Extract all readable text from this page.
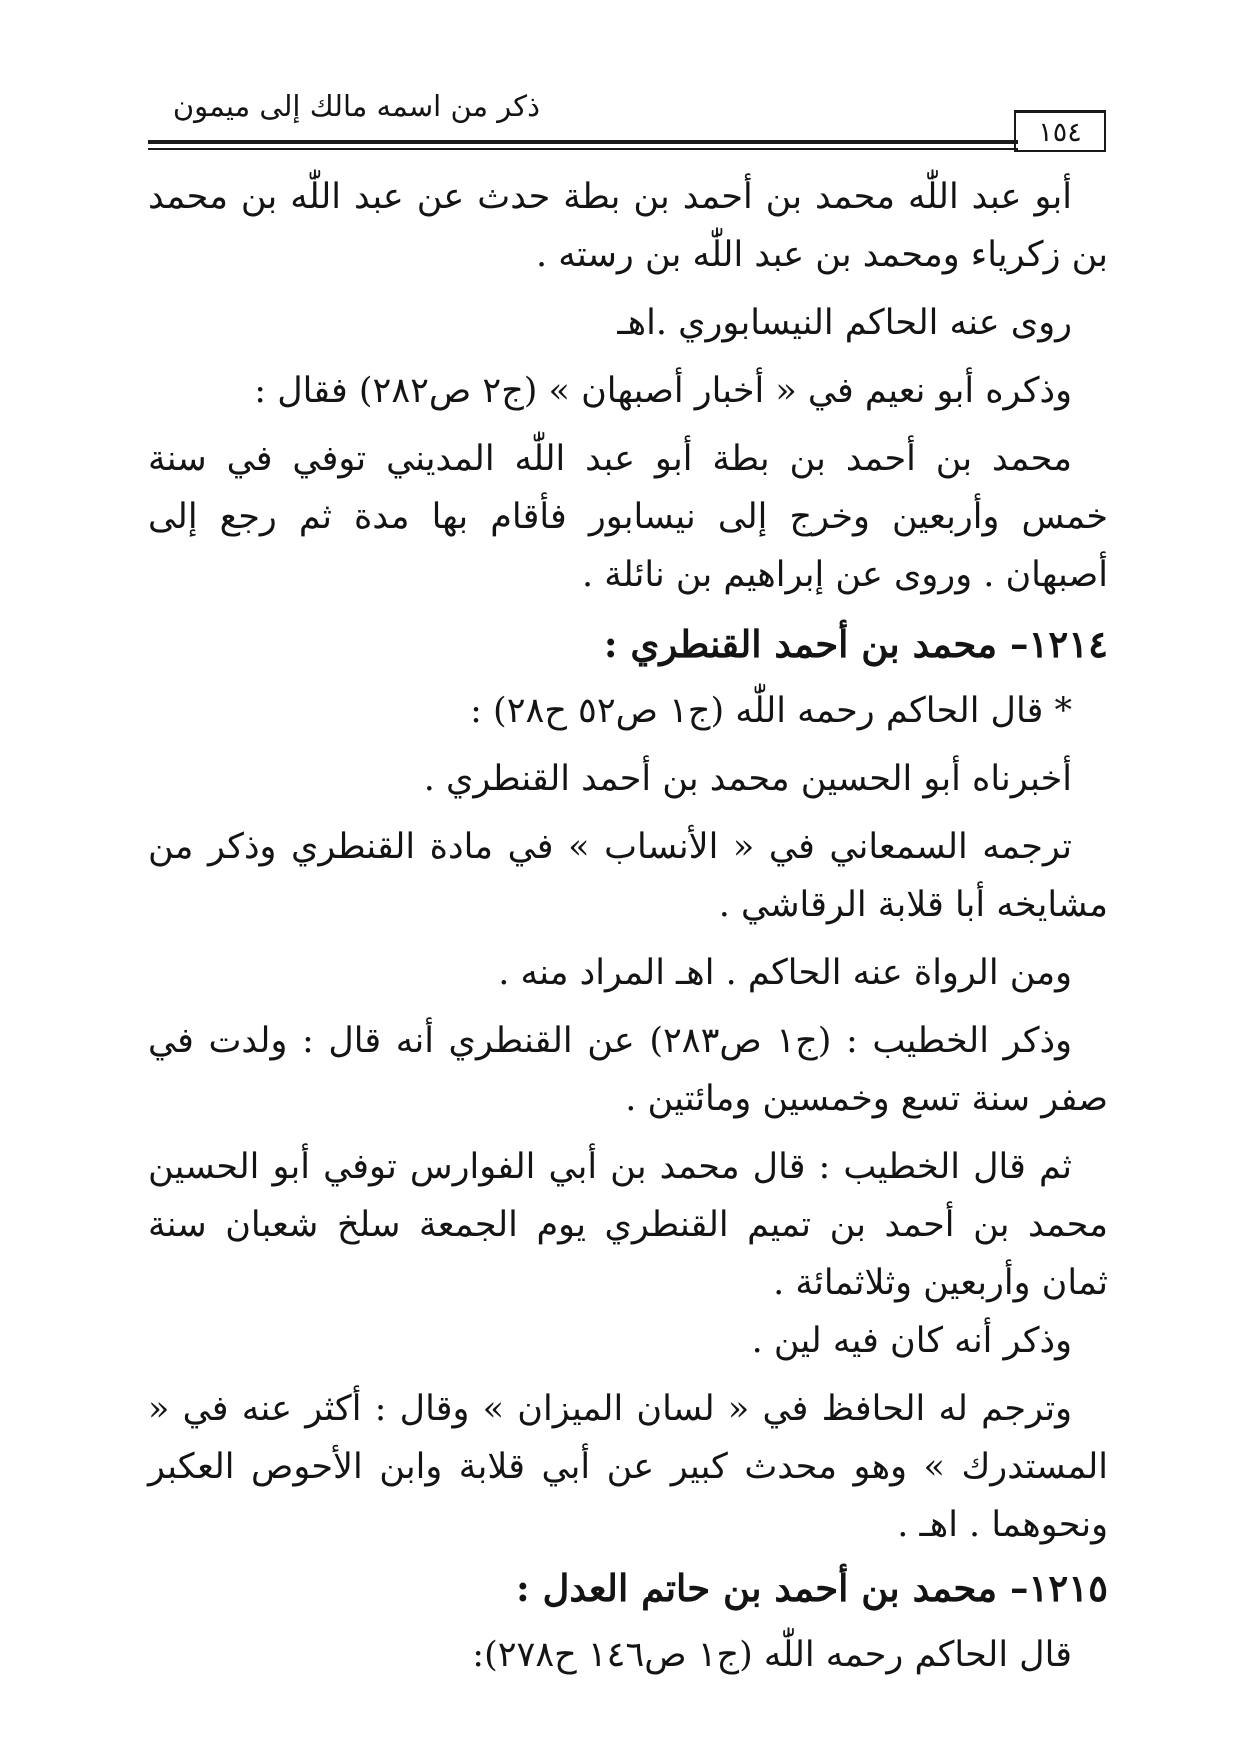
ذكر من اسمه مالك إلى ميمون
١٥٤

أبو عبد اللّٰه محمد بن أحمد بن بطة حدث عن عبد اللّٰه بن محمد بن زكرياء ومحمد بن عبد اللّٰه بن رسته .

روى عنه الحاكم النيسابوري .اهـ

وذكره أبو نعيم في « أخبار أصبهان » (ج٢ ص٢٨٢) فقال :

محمد بن أحمد بن بطة أبو عبد اللّٰه المديني توفي في سنة خمس وأربعين وخرج إلى نيسابور فأقام بها مدة ثم رجع إلى أصبهان . وروى عن إبراهيم بن نائلة .

١٢١٤– محمد بن أحمد القنطري :

* قال الحاكم رحمه اللّٰه (ج١ ص٥٢ ح٢٨) :

أخبرناه أبو الحسين محمد بن أحمد القنطري .

ترجمه السمعاني في « الأنساب » في مادة القنطري وذكر من مشايخه أبا قلابة الرقاشي .

ومن الرواة عنه الحاكم . اهـ المراد منه .

وذكر الخطيب : (ج١ ص٢٨٣) عن القنطري أنه قال : ولدت في صفر سنة تسع وخمسين ومائتين .

ثم قال الخطيب : قال محمد بن أبي الفوارس توفي أبو الحسين محمد بن أحمد بن تميم القنطري يوم الجمعة سلخ شعبان سنة ثمان وأربعين وثلاثمائة .

وذكر أنه كان فيه لين .

وترجم له الحافظ في « لسان الميزان » وقال : أكثر عنه في « المستدرك » وهو محدث كبير عن أبي قلابة وابن الأحوص العكبر ونحوهما . اهـ .

١٢١٥– محمد بن أحمد بن حاتم العدل :

قال الحاكم رحمه اللّٰه (ج١ ص١٤٦ ح٢٧٨):
